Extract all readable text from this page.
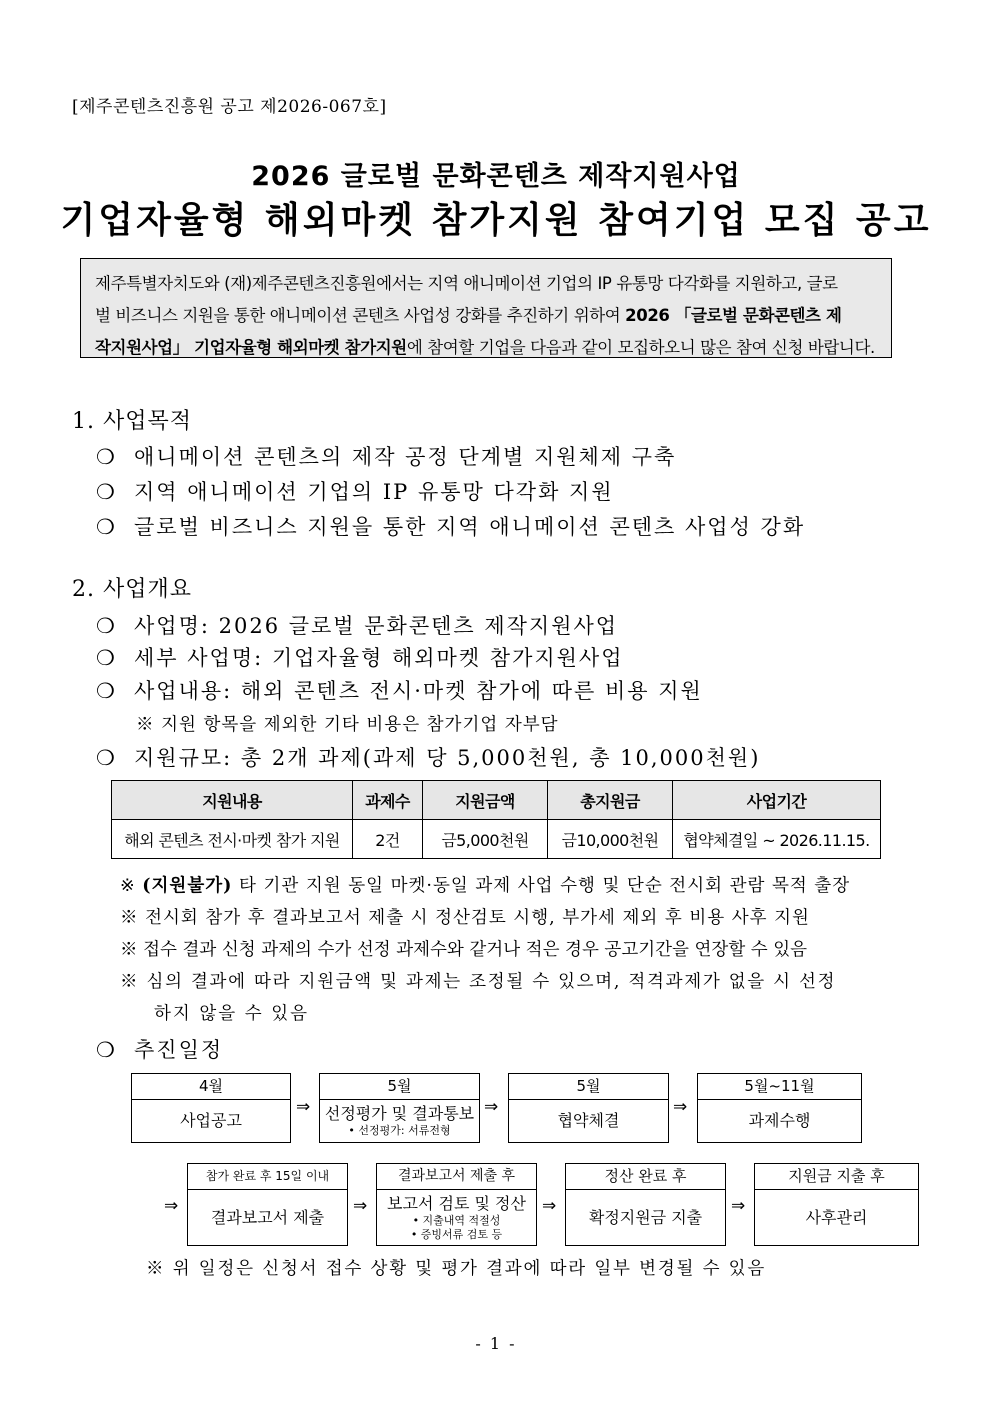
[제주콘텐츠진흥원 공고 제2026-067호]
2026 글로벌 문화콘텐츠 제작지원사업
기업자율형 해외마켓 참가지원 참여기업 모집 공고

제주특별자치도와 (재)제주콘텐츠진흥원에서는 지역 애니메이션 기업의 IP 유통망 다각화를 지원하고, 글로

벌 비즈니스 지원을 통한 애니메이션 콘텐츠 사업성 강화를 추진하기 위하여 2026 「글로벌 문화콘텐츠 제

작지원사업」 기업자율형 해외마켓 참가지원에 참여할 기업을 다음과 같이 모집하오니 많은 참여 신청 바랍니다.

1. 사업목적
❍ 애니메이션 콘텐츠의 제작 공정 단계별 지원체제 구축
❍ 지역 애니메이션 기업의 IP 유통망 다각화 지원
❍ 글로벌 비즈니스 지원을 통한 지역 애니메이션 콘텐츠 사업성 강화
2. 사업개요
❍ 사업명: 2026 글로벌 문화콘텐츠 제작지원사업
❍ 세부 사업명: 기업자율형 해외마켓 참가지원사업
❍ 사업내용: 해외 콘텐츠 전시·마켓 참가에 따른 비용 지원
※ 지원 항목을 제외한 기타 비용은 참가기업 자부담
❍ 지원규모: 총 2개 과제(과제 당 5,000천원, 총 10,000천원)
지원내용	과제수	지원금액	총지원금	사업기간
해외 콘텐츠 전시·마켓 참가 지원	2건	금5,000천원	금10,000천원	협약체결일 ~ 2026.11.15.
※ (지원불가) 타 기관 지원 동일 마켓·동일 과제 사업 수행 및 단순 전시회 관람 목적 출장
※ 전시회 참가 후 결과보고서 제출 시 정산검토 시행, 부가세 제외 후 비용 사후 지원
※ 접수 결과 신청 과제의 수가 선정 과제수와 같거나 적은 경우 공고기간을 연장할 수 있음
※ 심의 결과에 따라 지원금액 및 과제는 조정될 수 있으며, 적격과제가 없을 시 선정
하지 않을 수 있음
❍ 추진일정
4월
사업공고
⇒
5월
선정평가 및 결과통보
• 선정평가: 서류전형
⇒
5월
협약체결
⇒
5월~11월
과제수행
⇒
참가 완료 후 15일 이내
결과보고서 제출
⇒
결과보고서 제출 후
보고서 검토 및 정산
• 지출내역 적절성
• 증빙서류 검토 등
⇒
정산 완료 후
확정지원금 지출
⇒
지원금 지출 후
사후관리
※ 위 일정은 신청서 접수 상황 및 평가 결과에 따라 일부 변경될 수 있음
- 1 -
